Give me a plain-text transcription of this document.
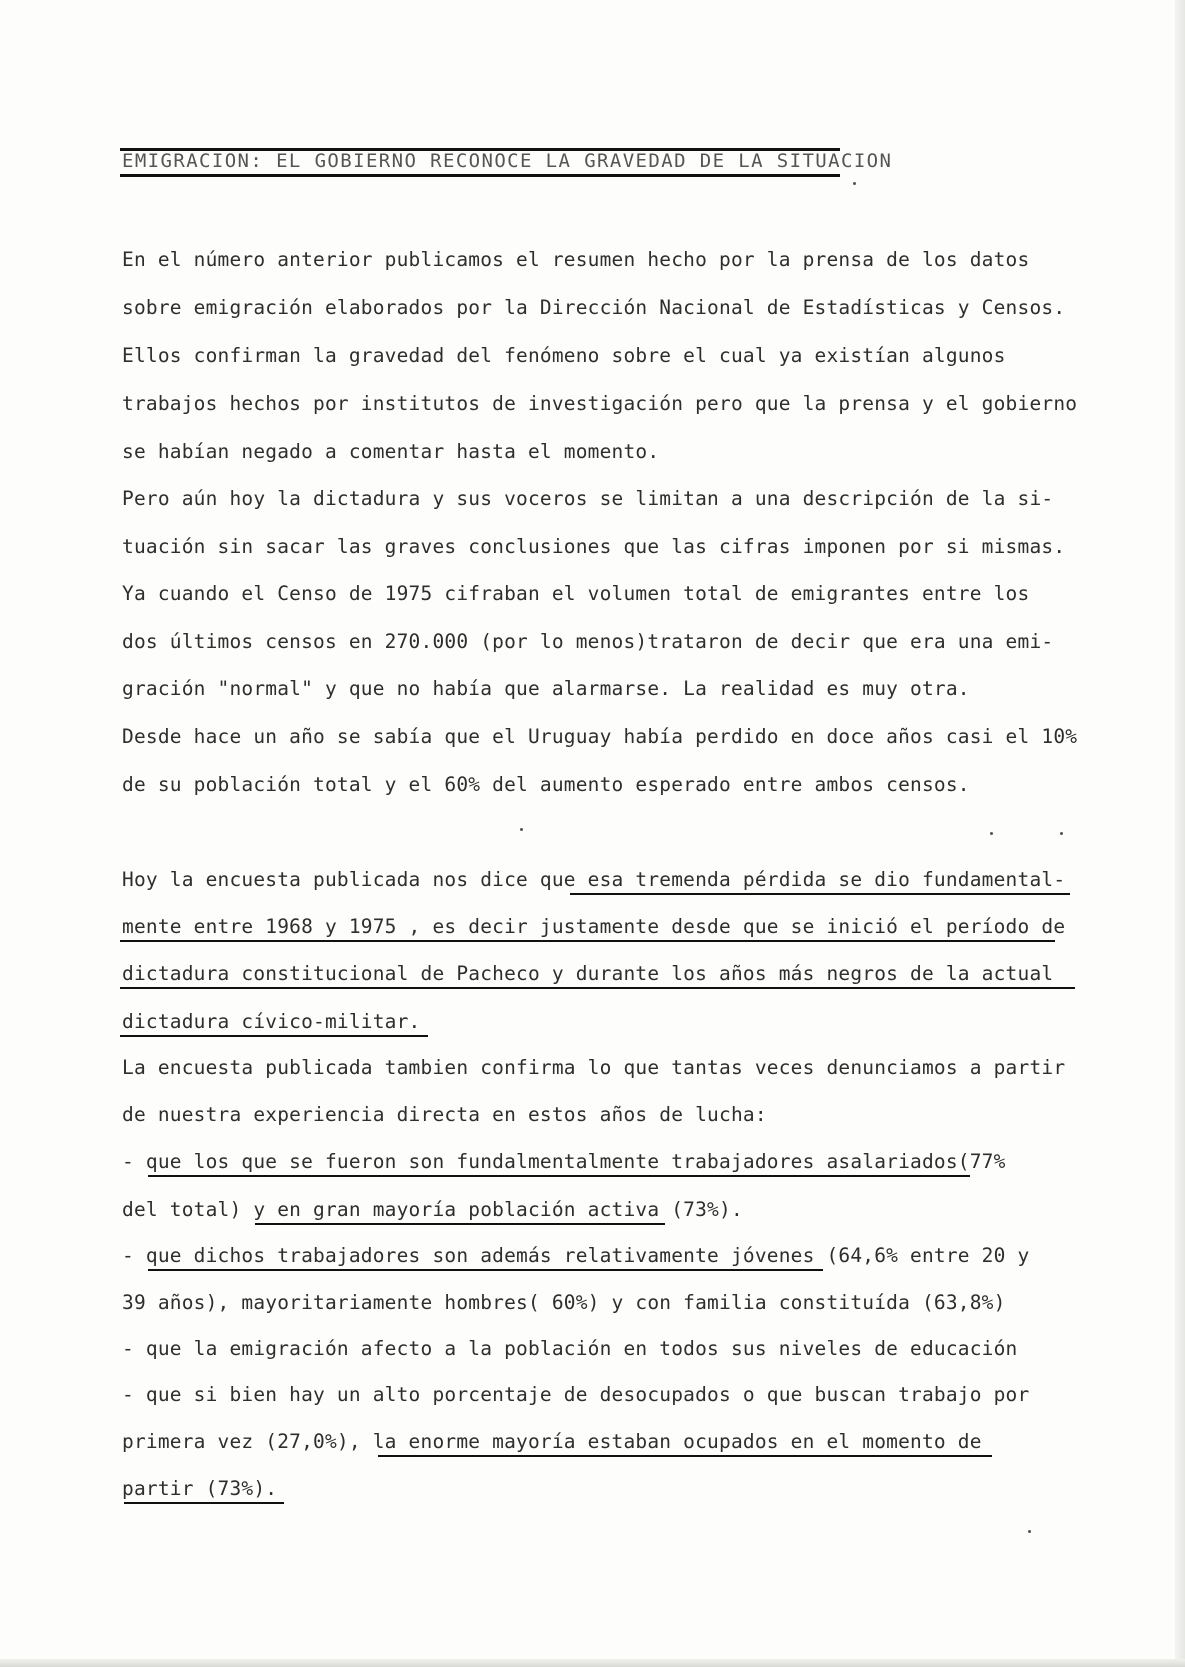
EMIGRACION: EL GOBIERNO RECONOCE LA GRAVEDAD DE LA SITUACION
En el número anterior publicamos el resumen hecho por la prensa de los datos
sobre emigración elaborados por la Dirección Nacional de Estadísticas y Censos.
Ellos confirman la gravedad del fenómeno sobre el cual ya existían algunos
trabajos hechos por institutos de investigación pero que la prensa y el gobierno
se habían negado a comentar hasta el momento.
Pero aún hoy la dictadura y sus voceros se limitan a una descripción de la si-
tuación sin sacar las graves conclusiones que las cifras imponen por si mismas.
Ya cuando el Censo de 1975 cifraban el volumen total de emigrantes entre los
dos últimos censos en 270.000 (por lo menos)trataron de decir que era una emi-
gración "normal" y que no había que alarmarse. La realidad es muy otra.
Desde hace un año se sabía que el Uruguay había perdido en doce años casi el 10%
de su población total y el 60% del aumento esperado entre ambos censos.
Hoy la encuesta publicada nos dice que esa tremenda pérdida se dio fundamental-
mente entre 1968 y 1975 , es decir justamente desde que se inició el período de
dictadura constitucional de Pacheco y durante los años más negros de la actual
dictadura cívico-militar.
La encuesta publicada tambien confirma lo que tantas veces denunciamos a partir
de nuestra experiencia directa en estos años de lucha:
- que los que se fueron son fundalmentalmente trabajadores asalariados(77%
del total) y en gran mayoría población activa (73%).
- que dichos trabajadores son además relativamente jóvenes (64,6% entre 20 y
39 años), mayoritariamente hombres( 60%) y con familia constituída (63,8%)
- que la emigración afecto a la población en todos sus niveles de educación
- que si bien hay un alto porcentaje de desocupados o que buscan trabajo por
primera vez (27,0%), la enorme mayoría estaban ocupados en el momento de
partir (73%).
